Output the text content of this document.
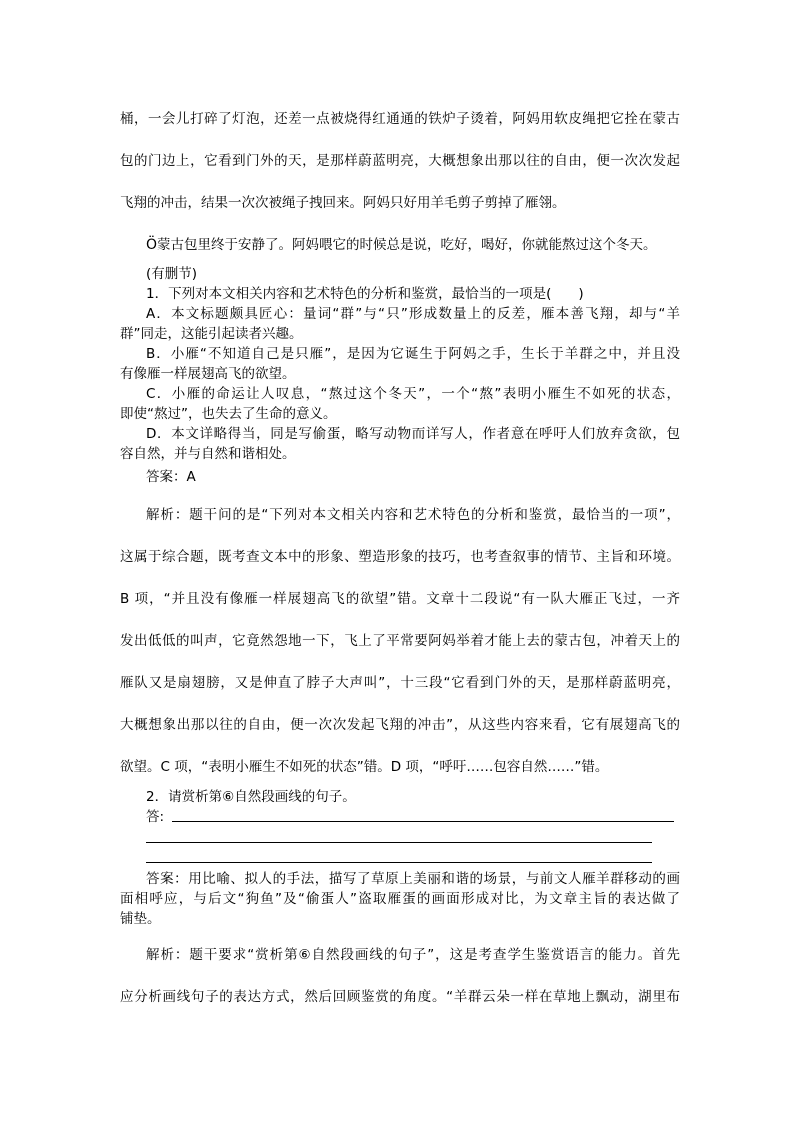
桶，一会儿打碎了灯泡，还差一点被烧得红通通的铁炉子烫着，阿妈用软皮绳把它拴在蒙古
包的门边上，它看到门外的天，是那样蔚蓝明亮，大概想象出那以往的自由，便一次次发起
飞翔的冲击，结果一次次被绳子拽回来。阿妈只好用羊毛剪子剪掉了雁翎。
Ö蒙古包里终于安静了。阿妈喂它的时候总是说，吃好，喝好，你就能熬过这个冬天。
(有删节)
1．下列对本文相关内容和艺术特色的分析和鉴赏，最恰当的一项是(　　)
A．本文标题颇具匠心：量词“群”与“只”形成数量上的反差，雁本善飞翔，却与“羊
群”同走，这能引起读者兴趣。
B．小雁“不知道自己是只雁”，是因为它诞生于阿妈之手，生长于羊群之中，并且没
有像雁一样展翅高飞的欲望。
C．小雁的命运让人叹息，“熬过这个冬天”，一个“熬”表明小雁生不如死的状态，
即使“熬过”，也失去了生命的意义。
D．本文详略得当，同是写偷蛋，略写动物而详写人，作者意在呼吁人们放弃贪欲，包
容自然，并与自然和谐相处。
答案：A
解析：题干问的是“下列对本文相关内容和艺术特色的分析和鉴赏，最恰当的一项”，
这属于综合题，既考查文本中的形象、塑造形象的技巧，也考查叙事的情节、主旨和环境。
B 项，“并且没有像雁一样展翅高飞的欲望”错。文章十二段说“有一队大雁正飞过，一齐
发出低低的叫声，它竟然怨地一下，飞上了平常要阿妈举着才能上去的蒙古包，冲着天上的
雁队又是扇翅膀，又是伸直了脖子大声叫”，十三段“它看到门外的天，是那样蔚蓝明亮，
大概想象出那以往的自由，便一次次发起飞翔的冲击”，从这些内容来看，它有展翅高飞的
欲望。C 项，“表明小雁生不如死的状态”错。D 项，“呼吁……包容自然……”错。
2．请赏析第⑥自然段画线的句子。
答:
答案：用比喻、拟人的手法，描写了草原上美丽和谐的场景，与前文人雁羊群移动的画
面相呼应，与后文“狗鱼”及“偷蛋人”盗取雁蛋的画面形成对比，为文章主旨的表达做了
铺垫。
解析：题干要求“赏析第⑥自然段画线的句子”，这是考查学生鉴赏语言的能力。首先
应分析画线句子的表达方式，然后回顾鉴赏的角度。“羊群云朵一样在草地上飘动，湖里布
